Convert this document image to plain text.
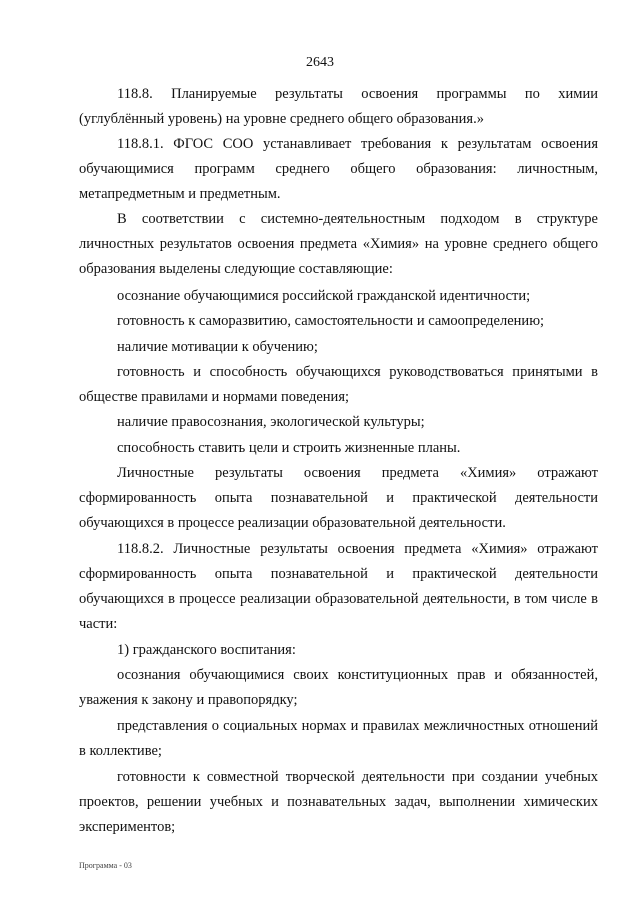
2643

118.8. Планируемые результаты освоения программы по химии (углублённый уровень) на уровне среднего общего образования.»

118.8.1. ФГОС СОО устанавливает требования к результатам освоения обучающимися программ среднего общего образования: личностным, метапредметным и предметным.

В соответствии с системно-деятельностным подходом в структуре личностных результатов освоения предмета «Химия» на уровне среднего общего образования выделены следующие составляющие:

осознание обучающимися российской гражданской идентичности;

готовность к саморазвитию, самостоятельности и самоопределению;

наличие мотивации к обучению;

готовность и способность обучающихся руководствоваться принятыми в обществе правилами и нормами поведения;

наличие правосознания, экологической культуры;

способность ставить цели и строить жизненные планы.

Личностные результаты освоения предмета «Химия» отражают сформированность опыта познавательной и практической деятельности обучающихся в процессе реализации образовательной деятельности.

118.8.2. Личностные результаты освоения предмета «Химия» отражают сформированность опыта познавательной и практической деятельности обучающихся в процессе реализации образовательной деятельности, в том числе в части:

1) гражданского воспитания:

осознания обучающимися своих конституционных прав и обязанностей, уважения к закону и правопорядку;

представления о социальных нормах и правилах межличностных отношений в коллективе;

готовности к совместной творческой деятельности при создании учебных проектов, решении учебных и познавательных задач, выполнении химических экспериментов;

Программа - 03
